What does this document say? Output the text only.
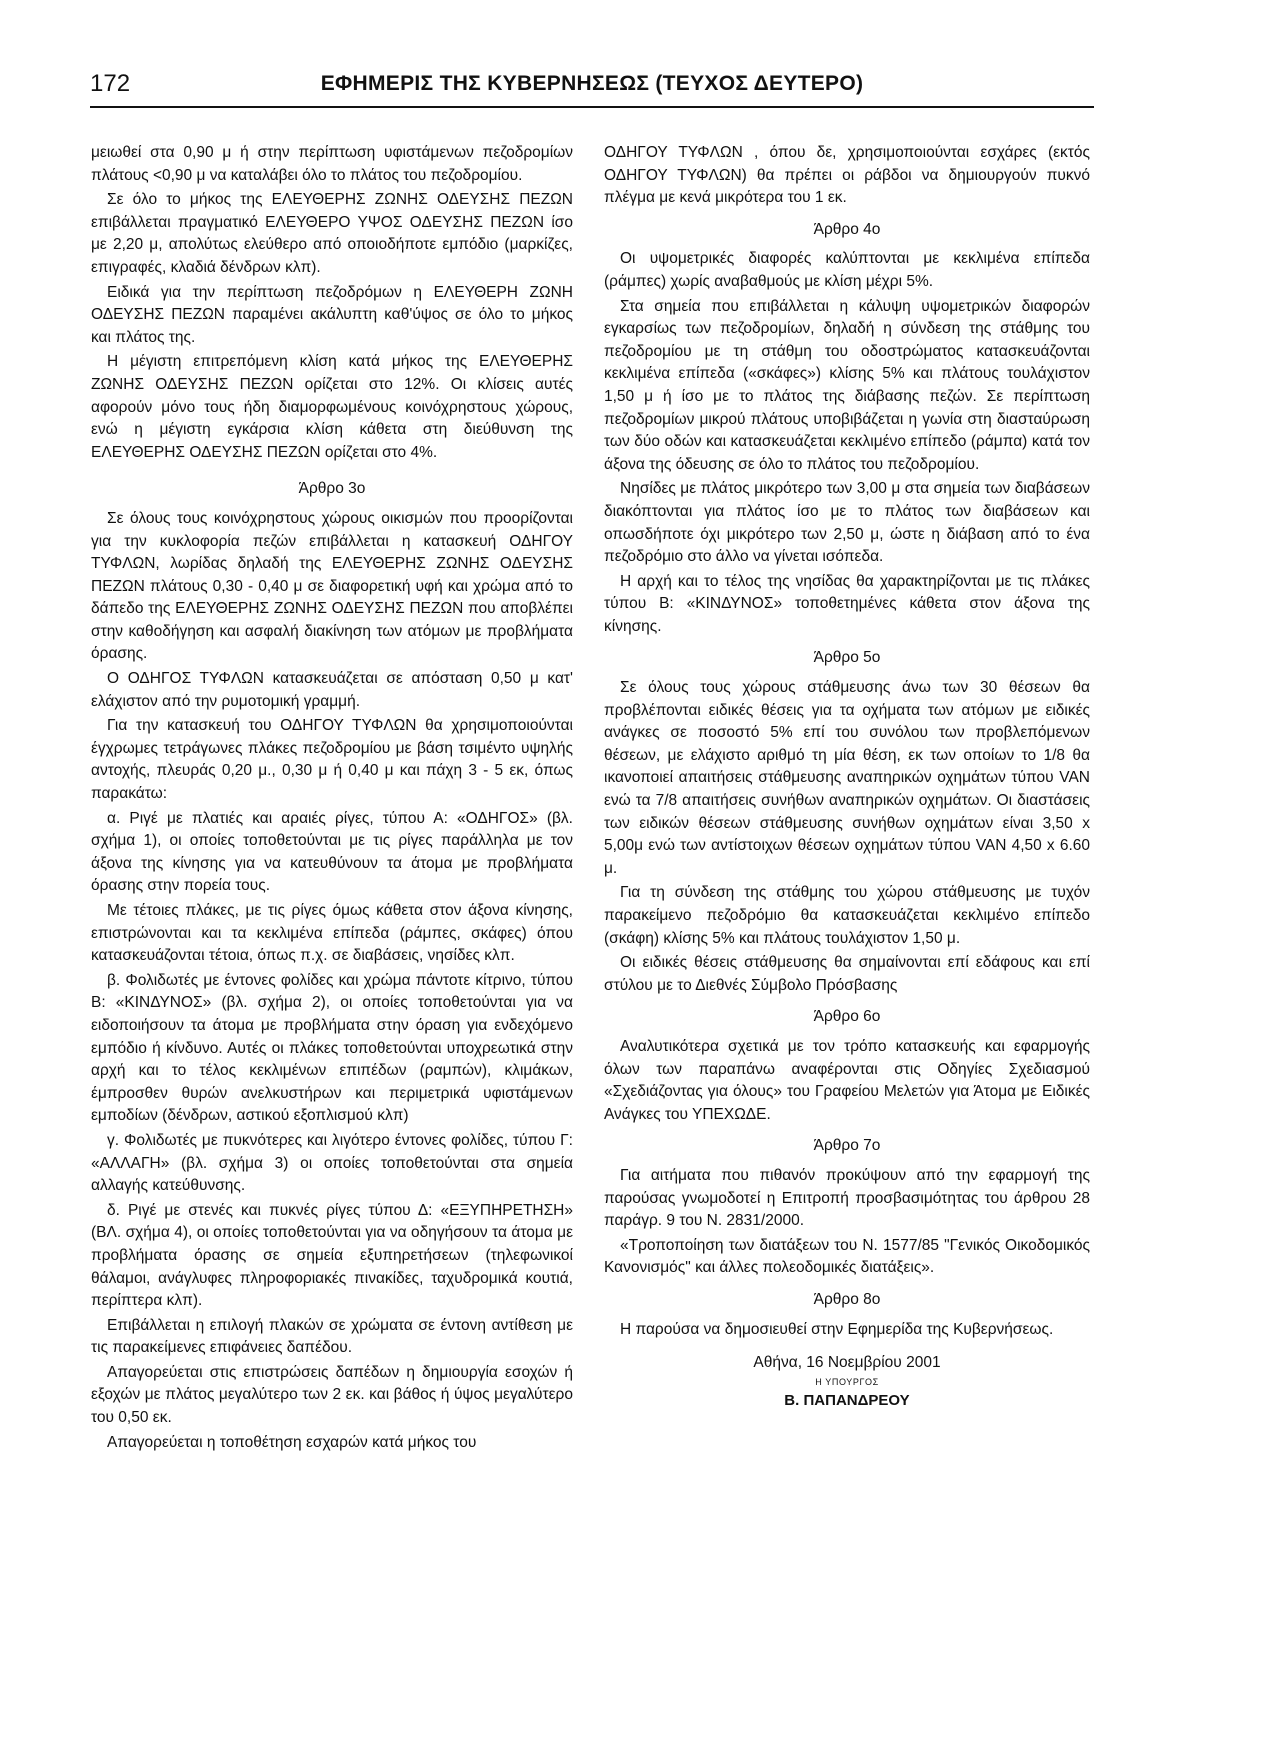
172	ΕΦΗΜΕΡΙΣ ΤΗΣ ΚΥΒΕΡΝΗΣΕΩΣ (ΤΕΥΧΟΣ ΔΕΥΤΕΡΟ)

μειωθεί στα 0,90 μ ή στην περίπτωση υφιστάμενων πεζοδρομίων πλάτους <0,90 μ να καταλάβει όλο το πλάτος του πεζοδρομίου.

Σε όλο το μήκος της ΕΛΕΥΘΕΡΗΣ ΖΩΝΗΣ ΟΔΕΥΣΗΣ ΠΕΖΩΝ επιβάλλεται πραγματικό ΕΛΕΥΘΕΡΟ ΥΨΟΣ ΟΔΕΥΣΗΣ ΠΕΖΩΝ ίσο με 2,20 μ, απολύτως ελεύθερο από οποιοδήποτε εμπόδιο (μαρκίζες, επιγραφές, κλαδιά δένδρων κλπ).

Ειδικά για την περίπτωση πεζοδρόμων η ΕΛΕΥΘΕΡΗ ΖΩΝΗ ΟΔΕΥΣΗΣ ΠΕΖΩΝ παραμένει ακάλυπτη καθ'ύψος σε όλο το μήκος και πλάτος της.

Η μέγιστη επιτρεπόμενη κλίση κατά μήκος της ΕΛΕΥΘΕΡΗΣ ΖΩΝΗΣ ΟΔΕΥΣΗΣ ΠΕΖΩΝ ορίζεται στο 12%. Οι κλίσεις αυτές αφορούν μόνο τους ήδη διαμορφωμένους κοινόχρηστους χώρους, ενώ η μέγιστη εγκάρσια κλίση κάθετα στη διεύθυνση της ΕΛΕΥΘΕΡΗΣ ΟΔΕΥΣΗΣ ΠΕΖΩΝ ορίζεται στο 4%.

Άρθρο 3ο

Σε όλους τους κοινόχρηστους χώρους οικισμών που προορίζονται για την κυκλοφορία πεζών επιβάλλεται η κατασκευή ΟΔΗΓΟΥ ΤΥΦΛΩΝ, λωρίδας δηλαδή της ΕΛΕΥΘΕΡΗΣ ΖΩΝΗΣ ΟΔΕΥΣΗΣ ΠΕΖΩΝ πλάτους 0,30 - 0,40 μ σε διαφορετική υφή και χρώμα από το δάπεδο της ΕΛΕΥΘΕΡΗΣ ΖΩΝΗΣ ΟΔΕΥΣΗΣ ΠΕΖΩΝ που αποβλέπει στην καθοδήγηση και ασφαλή διακίνηση των ατόμων με προβλήματα όρασης.

Ο ΟΔΗΓΟΣ ΤΥΦΛΩΝ κατασκευάζεται σε απόσταση 0,50 μ κατ' ελάχιστον από την ρυμοτομική γραμμή.

Για την κατασκευή του ΟΔΗΓΟΥ ΤΥΦΛΩΝ θα χρησιμοποιούνται έγχρωμες τετράγωνες πλάκες πεζοδρομίου με βάση τσιμέντο υψηλής αντοχής, πλευράς 0,20 μ., 0,30 μ ή 0,40 μ και πάχη 3 - 5 εκ, όπως παρακάτω:

α. Ριγέ με πλατιές και αραιές ρίγες, τύπου Α: «ΟΔΗΓΟΣ» (βλ. σχήμα 1), οι οποίες τοποθετούνται με τις ρίγες παράλληλα με τον άξονα της κίνησης για να κατευθύνουν τα άτομα με προβλήματα όρασης στην πορεία τους.

Με τέτοιες πλάκες, με τις ρίγες όμως κάθετα στον άξονα κίνησης, επιστρώνονται και τα κεκλιμένα επίπεδα (ράμπες, σκάφες) όπου κατασκευάζονται τέτοια, όπως π.χ. σε διαβάσεις, νησίδες κλπ.

β. Φολιδωτές με έντονες φολίδες και χρώμα πάντοτε κίτρινο, τύπου Β: «ΚΙΝΔΥΝΟΣ» (βλ. σχήμα 2), οι οποίες τοποθετούνται για να ειδοποιήσουν τα άτομα με προβλήματα στην όραση για ενδεχόμενο εμπόδιο ή κίνδυνο. Αυτές οι πλάκες τοποθετούνται υποχρεωτικά στην αρχή και το τέλος κεκλιμένων επιπέδων (ραμπών), κλιμάκων, έμπροσθεν θυρών ανελκυστήρων και περιμετρικά υφιστάμενων εμποδίων (δένδρων, αστικού εξοπλισμού κλπ)

γ. Φολιδωτές με πυκνότερες και λιγότερο έντονες φολίδες, τύπου Γ: «ΑΛΛΑΓΗ» (βλ. σχήμα 3) οι οποίες τοποθετούνται στα σημεία αλλαγής κατεύθυνσης.

δ. Ριγέ με στενές και πυκνές ρίγες τύπου Δ: «ΕΞΥΠΗΡΕΤΗΣΗ» (ΒΛ. σχήμα 4), οι οποίες τοποθετούνται για να οδηγήσουν τα άτομα με προβλήματα όρασης σε σημεία εξυπηρετήσεων (τηλεφωνικοί θάλαμοι, ανάγλυφες πληροφοριακές πινακίδες, ταχυδρομικά κουτιά, περίπτερα κλπ).

Επιβάλλεται η επιλογή πλακών σε χρώματα σε έντονη αντίθεση με τις παρακείμενες επιφάνειες δαπέδου.

Απαγορεύεται στις επιστρώσεις δαπέδων η δημιουργία εσοχών ή εξοχών με πλάτος μεγαλύτερο των 2 εκ. και βάθος ή ύψος μεγαλύτερο του 0,50 εκ.

Απαγορεύεται η τοποθέτηση εσχαρών κατά μήκος του

ΟΔΗΓΟΥ ΤΥΦΛΩΝ , όπου δε, χρησιμοποιούνται εσχάρες (εκτός ΟΔΗΓΟΥ ΤΥΦΛΩΝ) θα πρέπει οι ράβδοι να δημιουργούν πυκνό πλέγμα με κενά μικρότερα του 1 εκ.

Άρθρο 4ο

Οι υψομετρικές διαφορές καλύπτονται με κεκλιμένα επίπεδα (ράμπες) χωρίς αναβαθμούς με κλίση μέχρι 5%.

Στα σημεία που επιβάλλεται η κάλυψη υψομετρικών διαφορών εγκαρσίως των πεζοδρομίων, δηλαδή η σύνδεση της στάθμης του πεζοδρομίου με τη στάθμη του οδοστρώματος κατασκευάζονται κεκλιμένα επίπεδα («σκάφες») κλίσης 5% και πλάτους τουλάχιστον 1,50 μ ή ίσο με το πλάτος της διάβασης πεζών. Σε περίπτωση πεζοδρομίων μικρού πλάτους υποβιβάζεται η γωνία στη διασταύρωση των δύο οδών και κατασκευάζεται κεκλιμένο επίπεδο (ράμπα) κατά τον άξονα της όδευσης σε όλο το πλάτος του πεζοδρομίου.

Νησίδες με πλάτος μικρότερο των 3,00 μ στα σημεία των διαβάσεων διακόπτονται για πλάτος ίσο με το πλάτος των διαβάσεων και οπωσδήποτε όχι μικρότερο των 2,50 μ, ώστε η διάβαση από το ένα πεζοδρόμιο στο άλλο να γίνεται ισόπεδα.

Η αρχή και το τέλος της νησίδας θα χαρακτηρίζονται με τις πλάκες τύπου Β: «ΚΙΝΔΥΝΟΣ» τοποθετημένες κάθετα στον άξονα της κίνησης.

Άρθρο 5ο

Σε όλους τους χώρους στάθμευσης άνω των 30 θέσεων θα προβλέπονται ειδικές θέσεις για τα οχήματα των ατόμων με ειδικές ανάγκες σε ποσοστό 5% επί του συνόλου των προβλεπόμενων θέσεων, με ελάχιστο αριθμό τη μία θέση, εκ των οποίων το 1/8 θα ικανοποιεί απαιτήσεις στάθμευσης αναπηρικών οχημάτων τύπου VAN ενώ τα 7/8 απαιτήσεις συνήθων αναπηρικών οχημάτων. Οι διαστάσεις των ειδικών θέσεων στάθμευσης συνήθων οχημάτων είναι 3,50 x 5,00μ ενώ των αντίστοιχων θέσεων οχημάτων τύπου VAN 4,50 x 6.60 μ.

Για τη σύνδεση της στάθμης του χώρου στάθμευσης με τυχόν παρακείμενο πεζοδρόμιο θα κατασκευάζεται κεκλιμένο επίπεδο (σκάφη) κλίσης 5% και πλάτους τουλάχιστον 1,50 μ.

Οι ειδικές θέσεις στάθμευσης θα σημαίνονται επί εδάφους και επί στύλου με το Διεθνές Σύμβολο Πρόσβασης

Άρθρο 6ο

Αναλυτικότερα σχετικά με τον τρόπο κατασκευής και εφαρμογής όλων των παραπάνω αναφέρονται στις Οδηγίες Σχεδιασμού «Σχεδιάζοντας για όλους» του Γραφείου Μελετών για Άτομα με Ειδικές Ανάγκες του ΥΠΕΧΩΔΕ.

Άρθρο 7ο

Για αιτήματα που πιθανόν προκύψουν από την εφαρμογή της παρούσας γνωμοδοτεί η Επιτροπή προσβασιμότητας του άρθρου 28 παράγρ. 9 του Ν. 2831/2000.

«Τροποποίηση των διατάξεων του Ν. 1577/85 "Γενικός Οικοδομικός Κανονισμός" και άλλες πολεοδομικές διατάξεις».

Άρθρο 8ο

Η παρούσα να δημοσιευθεί στην Εφημερίδα της Κυβερνήσεως.

Αθήνα, 16 Νοεμβρίου 2001
Η ΥΠΟΥΡΓΟΣ
Β. ΠΑΠΑΝΔΡΕΟΥ
